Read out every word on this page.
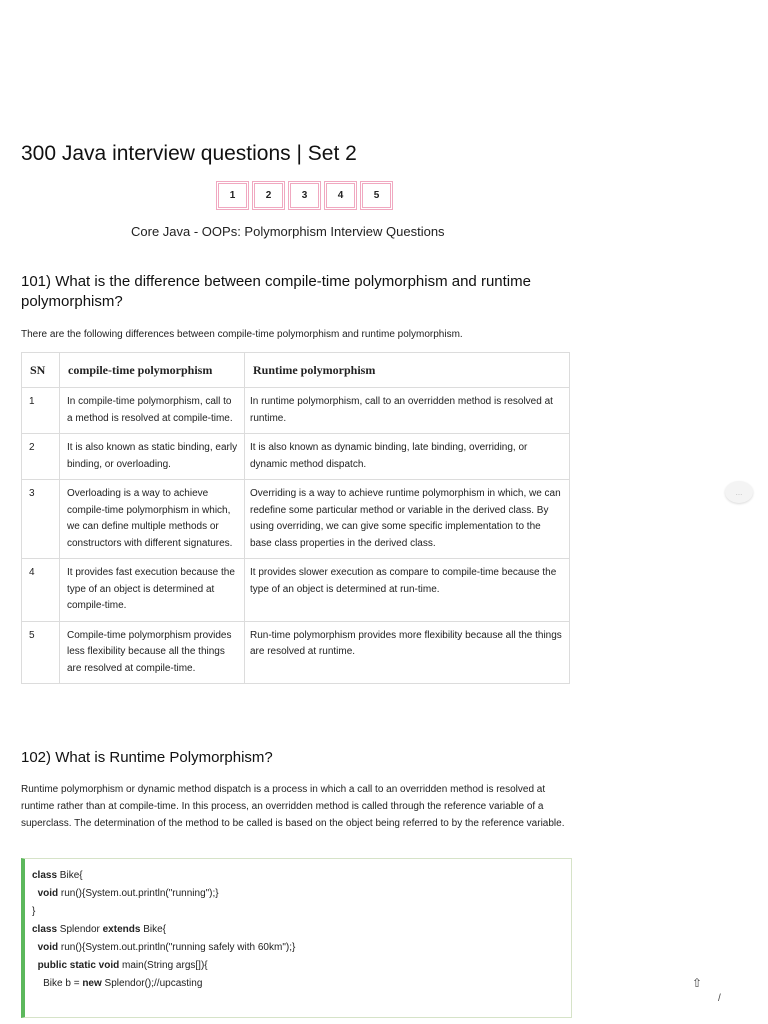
300 Java interview questions | Set 2
1	2	3	4	5
Core Java - OOPs: Polymorphism Interview Questions
101) What is the difference between compile-time polymorphism and runtime polymorphism?

There are the following differences between compile-time polymorphism and runtime polymorphism.

SN	compile-time polymorphism	Runtime polymorphism
1	In compile-time polymorphism, call to a method is resolved at compile-time.	In runtime polymorphism, call to an overridden method is resolved at runtime.
2	It is also known as static binding, early binding, or overloading.	It is also known as dynamic binding, late binding, overriding, or dynamic method dispatch.
3	Overloading is a way to achieve compile-time polymorphism in which, we can define multiple methods or constructors with different signatures.	Overriding is a way to achieve runtime polymorphism in which, we can redefine some particular method or variable in the derived class. By using overriding, we can give some specific implementation to the base class properties in the derived class.
4	It provides fast execution because the type of an object is determined at compile-time.	It provides slower execution as compare to compile-time because the type of an object is determined at run-time.
5	Compile-time polymorphism provides less flexibility because all the things are resolved at compile-time.	Run-time polymorphism provides more flexibility because all the things are resolved at runtime.
102) What is Runtime Polymorphism?

Runtime polymorphism or dynamic method dispatch is a process in which a call to an overridden method is resolved at runtime rather than at compile-time. In this process, an overridden method is called through the reference variable of a superclass. The determination of the method to be called is based on the object being referred to by the reference variable.

class Bike{
void run(){System.out.println("running");}
}
class Splendor extends Bike{
void run(){System.out.println("running safely with 60km");}
public static void main(String args[]){
Bike b = new Splendor();//upcasting
...
⇧
/
